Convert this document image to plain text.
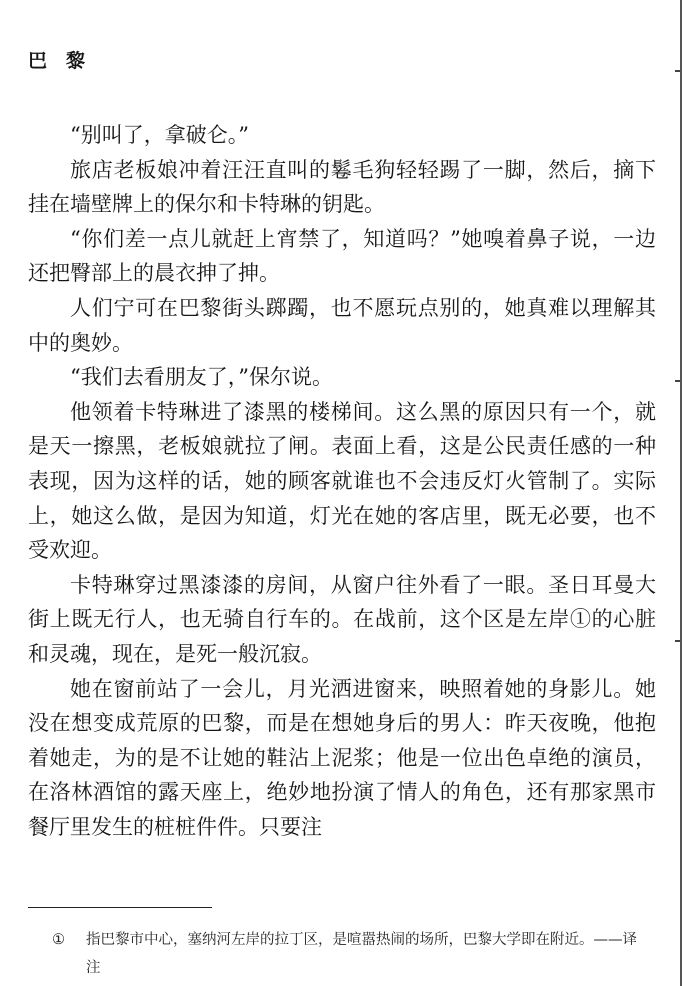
巴黎

“别叫了，拿破仑。”

旅店老板娘冲着汪汪直叫的鬈毛狗轻轻踢了一脚，然后，摘下挂在墙壁牌上的保尔和卡特琳的钥匙。

“你们差一点儿就赶上宵禁了，知道吗？”她嗅着鼻子说，一边还把臀部上的晨衣抻了抻。

人们宁可在巴黎街头踯躅，也不愿玩点别的，她真难以理解其中的奥妙。

“我们去看朋友了，”保尔说。

他领着卡特琳进了漆黑的楼梯间。这么黑的原因只有一个，就是天一擦黑，老板娘就拉了闸。表面上看，这是公民责任感的一种表现，因为这样的话，她的顾客就谁也不会违反灯火管制了。实际上，她这么做，是因为知道，灯光在她的客店里，既无必要，也不受欢迎。

卡特琳穿过黑漆漆的房间，从窗户往外看了一眼。圣日耳曼大街上既无行人，也无骑自行车的。在战前，这个区是左岸①的心脏和灵魂，现在，是死一般沉寂。

她在窗前站了一会儿，月光洒进窗来，映照着她的身影儿。她没在想变成荒原的巴黎，而是在想她身后的男人：昨天夜晚，他抱着她走，为的是不让她的鞋沾上泥浆；他是一位出色卓绝的演员，在洛林酒馆的露天座上，绝妙地扮演了情人的角色，还有那家黑市餐厅里发生的桩桩件件。只要注

①	指巴黎市中心，塞纳河左岸的拉丁区，是喧嚣热闹的场所，巴黎大学即在附近。——译注
